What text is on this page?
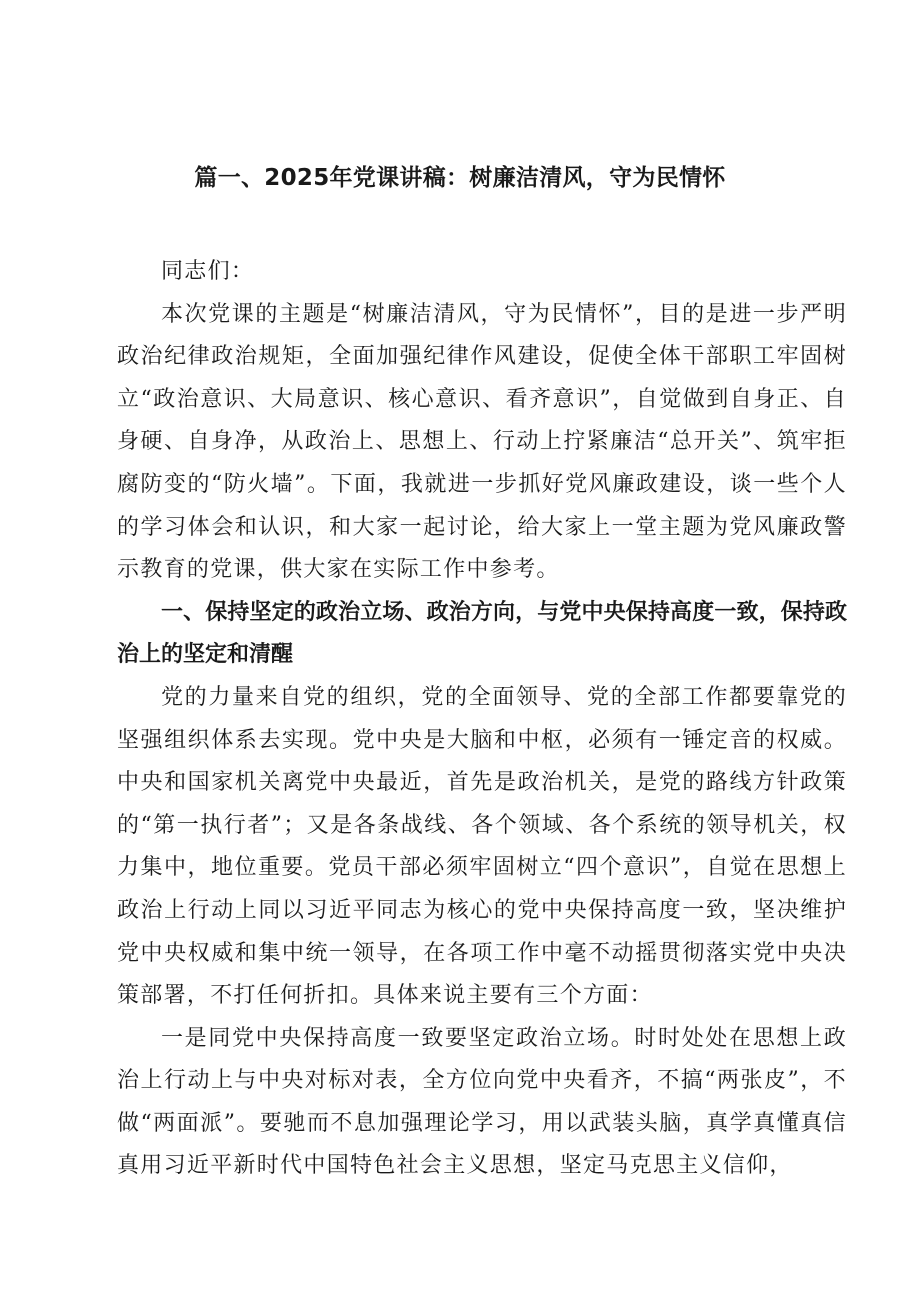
篇一、2025年党课讲稿：树廉洁清风，守为民情怀

同志们：

本次党课的主题是“树廉洁清风，守为民情怀”，目的是进一步严明政治纪律政治规矩，全面加强纪律作风建设，促使全体干部职工牢固树立“政治意识、大局意识、核心意识、看齐意识”，自觉做到自身正、自身硬、自身净，从政治上、思想上、行动上拧紧廉洁“总开关”、筑牢拒腐防变的“防火墙”。下面，我就进一步抓好党风廉政建设，谈一些个人的学习体会和认识，和大家一起讨论，给大家上一堂主题为党风廉政警示教育的党课，供大家在实际工作中参考。

一、保持坚定的政治立场、政治方向，与党中央保持高度一致，保持政治上的坚定和清醒

党的力量来自党的组织，党的全面领导、党的全部工作都要靠党的坚强组织体系去实现。党中央是大脑和中枢，必须有一锤定音的权威。中央和国家机关离党中央最近，首先是政治机关，是党的路线方针政策的“第一执行者”；又是各条战线、各个领域、各个系统的领导机关，权力集中，地位重要。党员干部必须牢固树立“四个意识”，自觉在思想上政治上行动上同以习近平同志为核心的党中央保持高度一致，坚决维护党中央权威和集中统一领导，在各项工作中毫不动摇贯彻落实党中央决策部署，不打任何折扣。具体来说主要有三个方面：

一是同党中央保持高度一致要坚定政治立场。时时处处在思想上政治上行动上与中央对标对表，全方位向党中央看齐，不搞“两张皮”，不做“两面派”。要驰而不息加强理论学习，用以武装头脑，真学真懂真信真用习近平新时代中国特色社会主义思想，坚定马克思主义信仰，
